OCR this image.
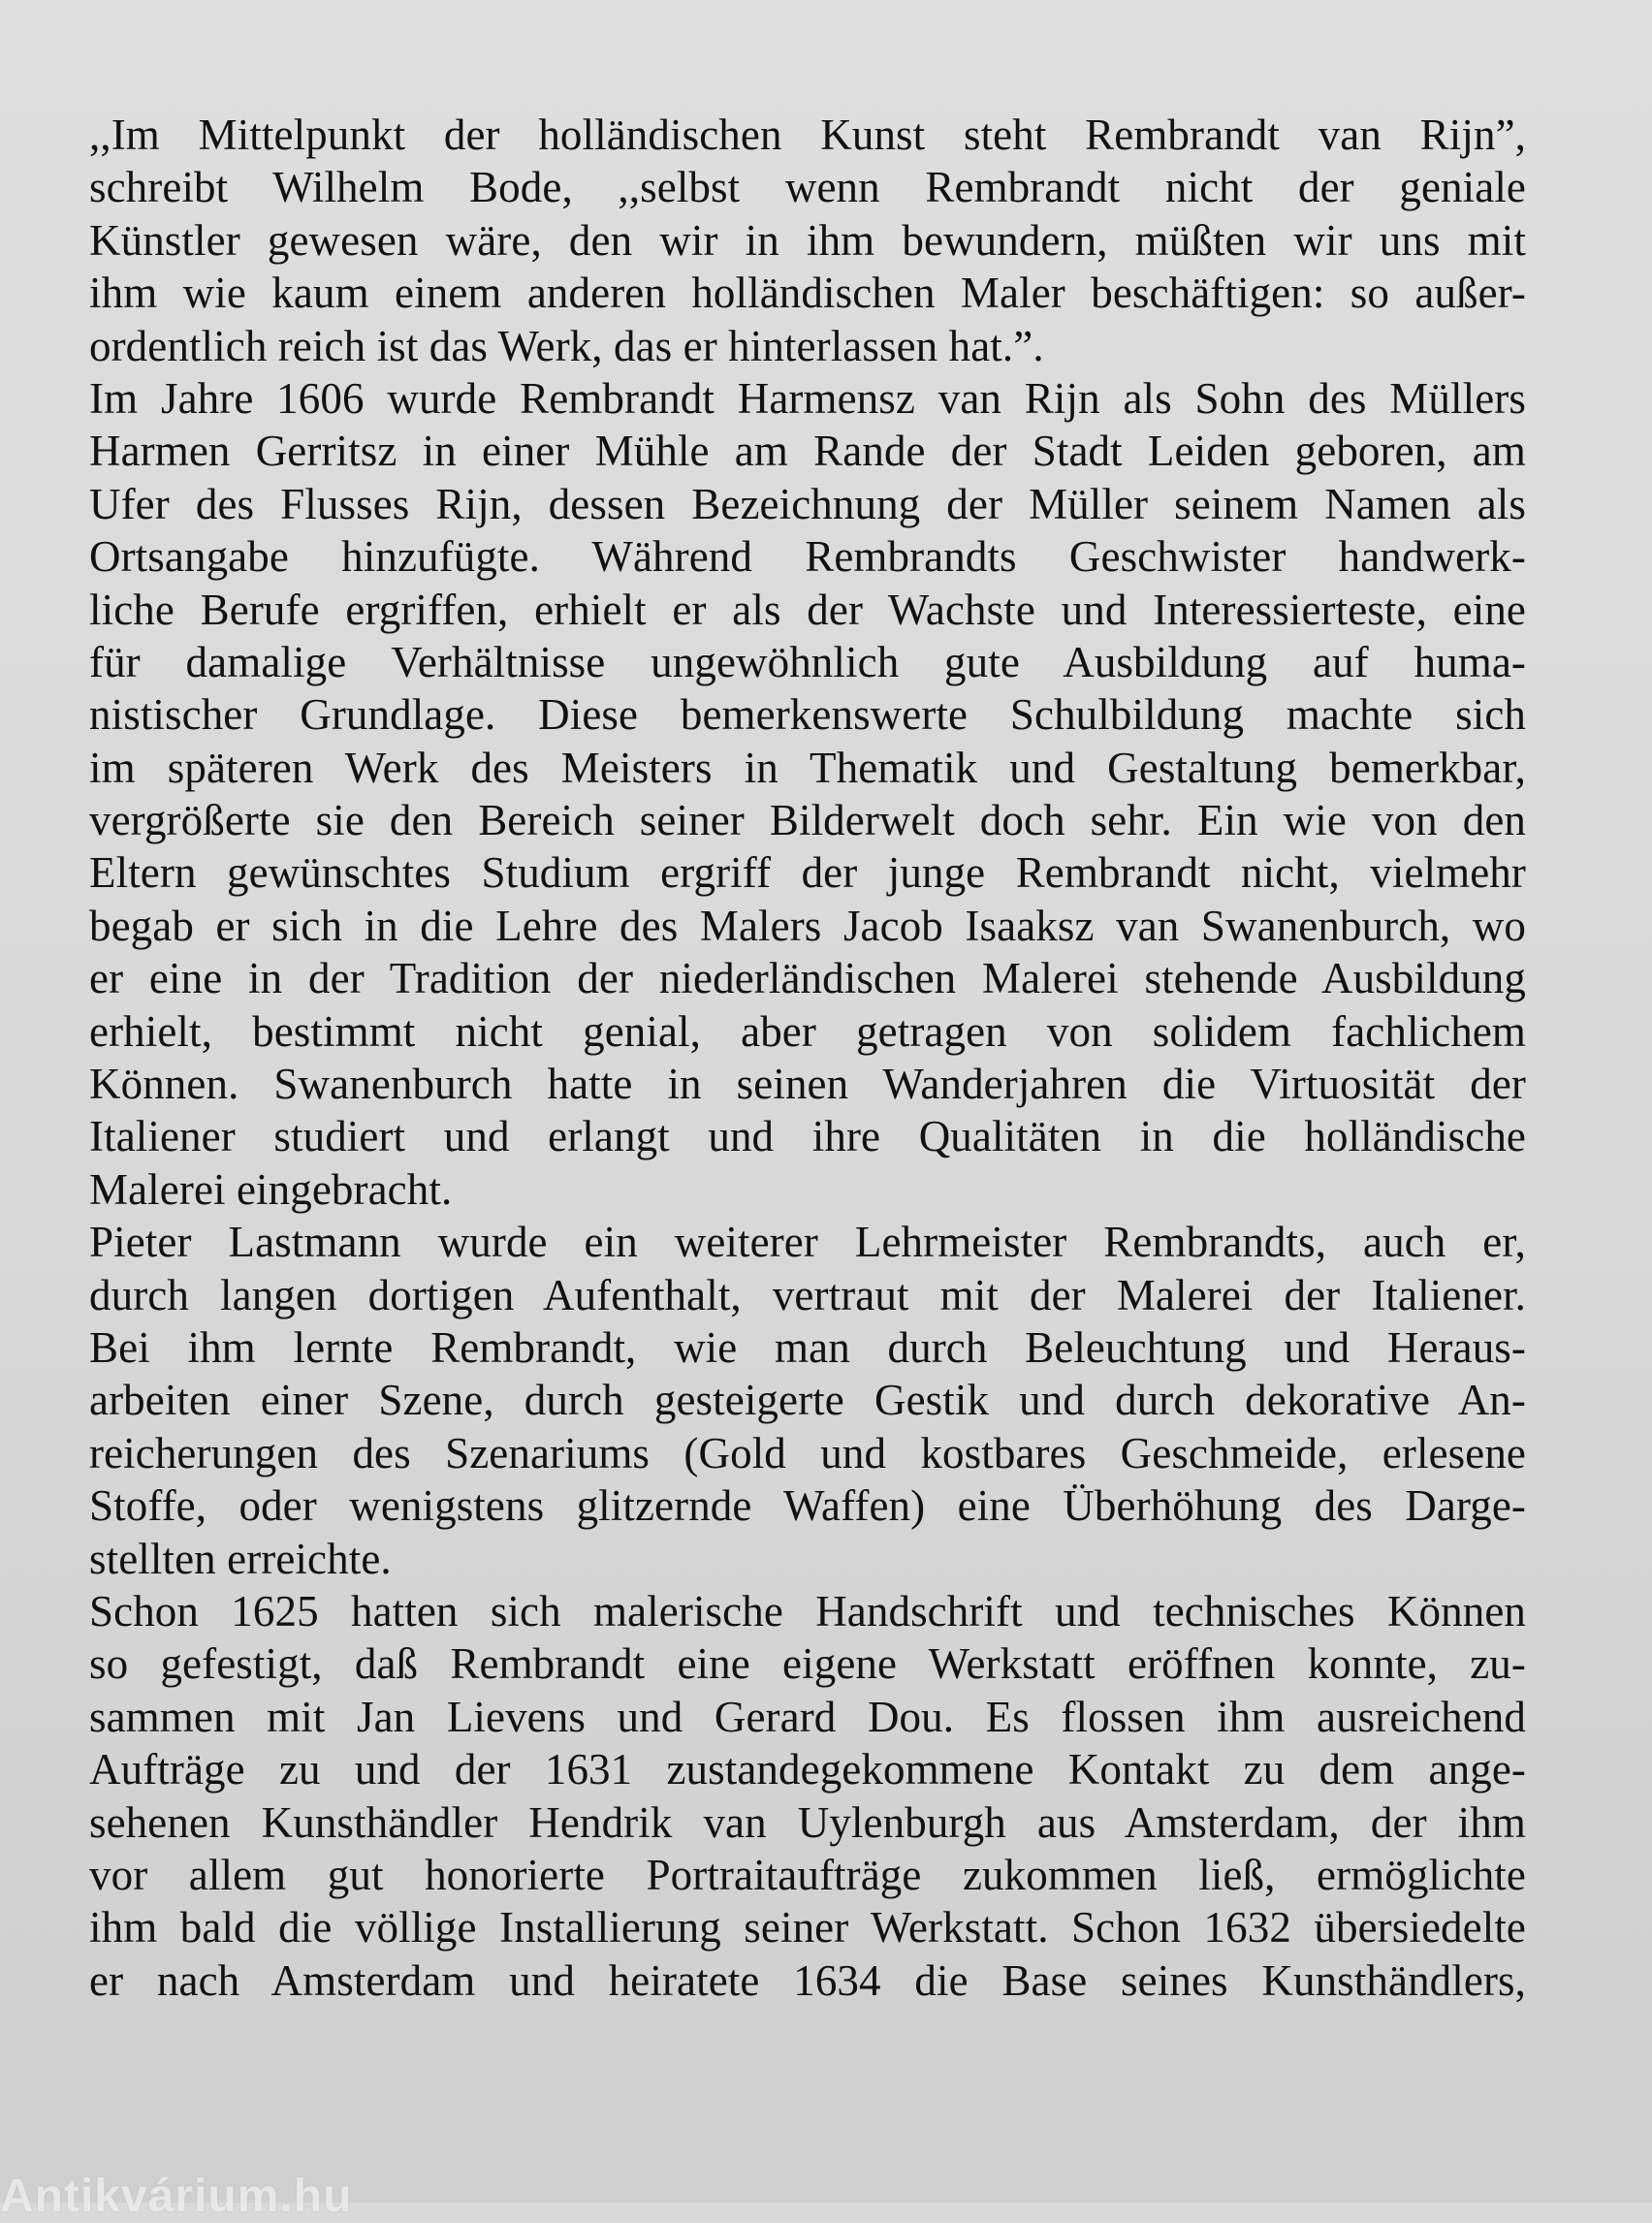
,,Im Mittelpunkt der holländischen Kunst steht Rembrandt van Rijn”,
schreibt Wilhelm Bode, ,,selbst wenn Rembrandt nicht der geniale
Künstler gewesen wäre, den wir in ihm bewundern, müßten wir uns mit
ihm wie kaum einem anderen holländischen Maler beschäftigen: so außer-
ordentlich reich ist das Werk, das er hinterlassen hat.”.
Im Jahre 1606 wurde Rembrandt Harmensz van Rijn als Sohn des Müllers
Harmen Gerritsz in einer Mühle am Rande der Stadt Leiden geboren, am
Ufer des Flusses Rijn, dessen Bezeichnung der Müller seinem Namen als
Ortsangabe hinzufügte. Während Rembrandts Geschwister handwerk-
liche Berufe ergriffen, erhielt er als der Wachste und Interessierteste, eine
für damalige Verhältnisse ungewöhnlich gute Ausbildung auf huma-
nistischer Grundlage. Diese bemerkenswerte Schulbildung machte sich
im späteren Werk des Meisters in Thematik und Gestaltung bemerkbar,
vergrößerte sie den Bereich seiner Bilderwelt doch sehr. Ein wie von den
Eltern gewünschtes Studium ergriff der junge Rembrandt nicht, vielmehr
begab er sich in die Lehre des Malers Jacob Isaaksz van Swanenburch, wo
er eine in der Tradition der niederländischen Malerei stehende Ausbildung
erhielt, bestimmt nicht genial, aber getragen von solidem fachlichem
Können. Swanenburch hatte in seinen Wanderjahren die Virtuosität der
Italiener studiert und erlangt und ihre Qualitäten in die holländische
Malerei eingebracht.
Pieter Lastmann wurde ein weiterer Lehrmeister Rembrandts, auch er,
durch langen dortigen Aufenthalt, vertraut mit der Malerei der Italiener.
Bei ihm lernte Rembrandt, wie man durch Beleuchtung und Heraus-
arbeiten einer Szene, durch gesteigerte Gestik und durch dekorative An-
reicherungen des Szenariums (Gold und kostbares Geschmeide, erlesene
Stoffe, oder wenigstens glitzernde Waffen) eine Überhöhung des Darge-
stellten erreichte.
Schon 1625 hatten sich malerische Handschrift und technisches Können
so gefestigt, daß Rembrandt eine eigene Werkstatt eröffnen konnte, zu-
sammen mit Jan Lievens und Gerard Dou. Es flossen ihm ausreichend
Aufträge zu und der 1631 zustandegekommene Kontakt zu dem ange-
sehenen Kunsthändler Hendrik van Uylenburgh aus Amsterdam, der ihm
vor allem gut honorierte Portraitaufträge zukommen ließ, ermöglichte
ihm bald die völlige Installierung seiner Werkstatt. Schon 1632 übersiedelte
er nach Amsterdam und heiratete 1634 die Base seines Kunsthändlers,
Antikvárium.hu
